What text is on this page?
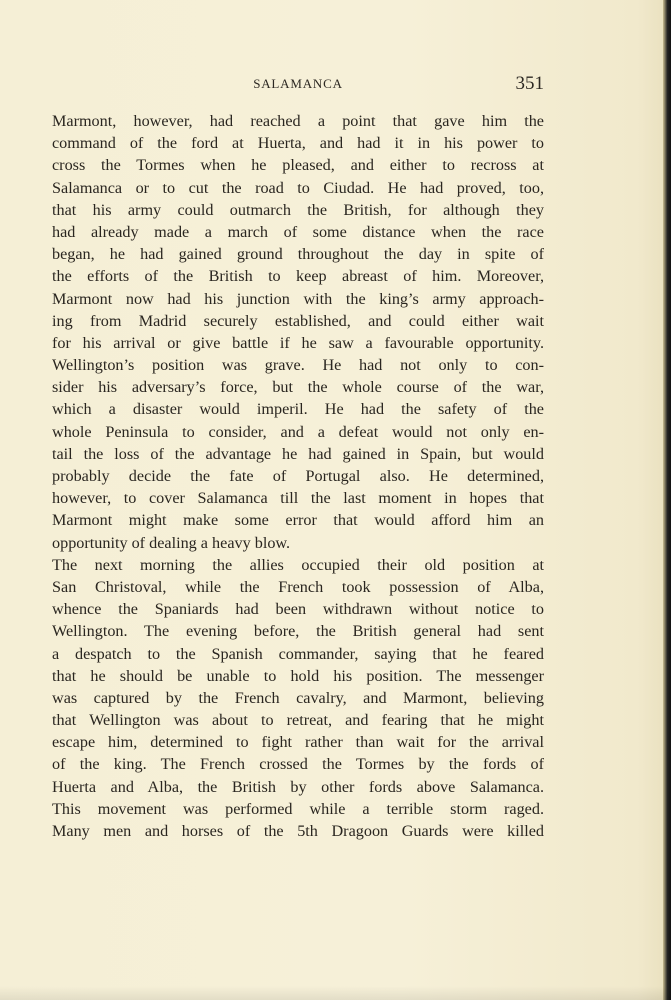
SALAMANCA	351
Marmont, however, had reached a point that gave him the
command of the ford at Huerta, and had it in his power to
cross the Tormes when he pleased, and either to recross at
Salamanca or to cut the road to Ciudad. He had proved, too,
that his army could outmarch the British, for although they
had already made a march of some distance when the race
began, he had gained ground throughout the day in spite of
the efforts of the British to keep abreast of him. Moreover,
Marmont now had his junction with the king’s army approach-
ing from Madrid securely established, and could either wait
for his arrival or give battle if he saw a favourable opportunity.
Wellington’s position was grave. He had not only to con-
sider his adversary’s force, but the whole course of the war,
which a disaster would imperil. He had the safety of the
whole Peninsula to consider, and a defeat would not only en-
tail the loss of the advantage he had gained in Spain, but would
probably decide the fate of Portugal also. He determined,
however, to cover Salamanca till the last moment in hopes that
Marmont might make some error that would afford him an
opportunity of dealing a heavy blow.
The next morning the allies occupied their old position at
San Christoval, while the French took possession of Alba,
whence the Spaniards had been withdrawn without notice to
Wellington. The evening before, the British general had sent
a despatch to the Spanish commander, saying that he feared
that he should be unable to hold his position. The messenger
was captured by the French cavalry, and Marmont, believing
that Wellington was about to retreat, and fearing that he might
escape him, determined to fight rather than wait for the arrival
of the king. The French crossed the Tormes by the fords of
Huerta and Alba, the British by other fords above Salamanca.
This movement was performed while a terrible storm raged.
Many men and horses of the 5th Dragoon Guards were killed
